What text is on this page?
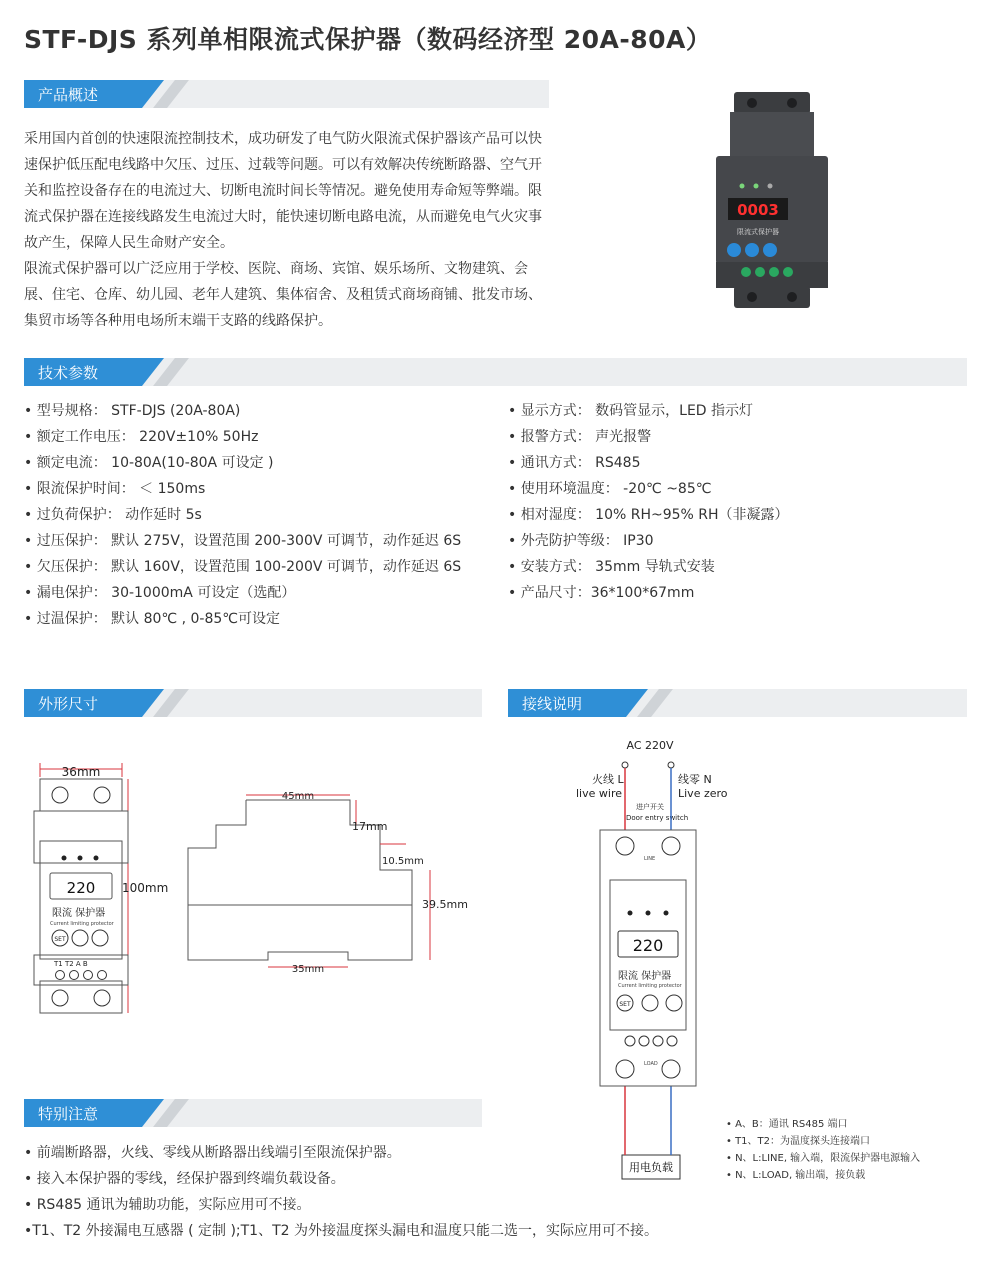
STF-DJS 系列单相限流式保护器（数码经济型 20A-80A）
产品概述

采用国内首创的快速限流控制技术，成功研发了电气防火限流式保护器该产品可以快速保护低压配电线路中欠压、过压、过载等问题。可以有效解决传统断路器、空气开关和监控设备存在的电流过大、切断电流时间长等情况。避免使用寿命短等弊端。限流式保护器在连接线路发生电流过大时，能快速切断电路电流，从而避免电气火灾事故产生，保障人民生命财产安全。

限流式保护器可以广泛应用于学校、医院、商场、宾馆、娱乐场所、文物建筑、会展、住宅、仓库、幼儿园、老年人建筑、集体宿舍、及租赁式商场商铺、批发市场、集贸市场等各种用电场所末端干支路的线路保护。

0003
限流式保护器
技术参数
• 型号规格： STF-DJS (20A-80A)
• 额定工作电压： 220V±10% 50Hz
• 额定电流： 10-80A(10-80A 可设定 )
• 限流保护时间： ＜ 150ms
• 过负荷保护： 动作延时 5s
• 过压保护： 默认 275V，设置范围 200-300V 可调节，动作延迟 6S
• 欠压保护： 默认 160V，设置范围 100-200V 可调节，动作延迟 6S
• 漏电保护： 30-1000mA 可设定（选配）
• 过温保护： 默认 80℃ , 0-85℃可设定
• 显示方式： 数码管显示，LED 指示灯
• 报警方式： 声光报警
• 通讯方式： RS485
• 使用环境温度： -20℃ ~85℃
• 相对湿度： 10% RH~95% RH（非凝露）
• 外壳防护等级： IP30
• 安装方式： 35mm 导轨式安装
• 产品尺寸：36*100*67mm
外形尺寸	接线说明
36mm
100mm
220
限流 保护器
Current limiting protector
SET
T1 T2 A B
45mm
17mm
10.5mm
39.5mm
35mm
AC 220V
火线 L
live wire
线零 N
Live zero
进户开关
Door entry switch
LINE
220
限流 保护器
Current limiting protector
SET
LOAD
用电负载
• A、B：通讯 RS485 端口
• T1、T2：为温度探头连接端口
• N、L:LINE, 输入端，限流保护器电源输入
• N、L:LOAD, 输出端，接负载
特别注意
• 前端断路器，火线、零线从断路器出线端引至限流保护器。
• 接入本保护器的零线，经保护器到终端负载设备。
• RS485 通讯为辅助功能，实际应用可不接。
•T1、T2 外接漏电互感器 ( 定制 );T1、T2 为外接温度探头漏电和温度只能二选一，实际应用可不接。
